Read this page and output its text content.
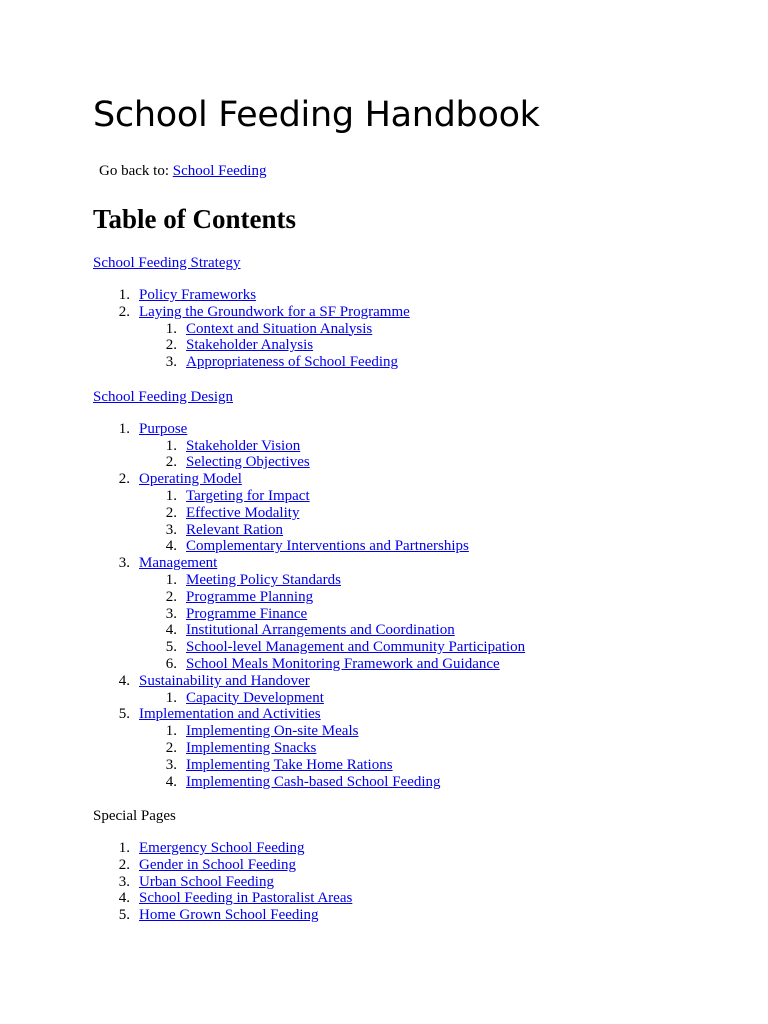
School Feeding Handbook
Go back to: School Feeding
Table of Contents
School Feeding Strategy
1. Policy Frameworks
2. Laying the Groundwork for a SF Programme
1. Context and Situation Analysis
2. Stakeholder Analysis
3. Appropriateness of School Feeding
School Feeding Design
1. Purpose
1. Stakeholder Vision
2. Selecting Objectives
2. Operating Model
1. Targeting for Impact
2. Effective Modality
3. Relevant Ration
4. Complementary Interventions and Partnerships
3. Management
1. Meeting Policy Standards
2. Programme Planning
3. Programme Finance
4. Institutional Arrangements and Coordination
5. School-level Management and Community Participation
6. School Meals Monitoring Framework and Guidance
4. Sustainability and Handover
1. Capacity Development
5. Implementation and Activities
1. Implementing On-site Meals
2. Implementing Snacks
3. Implementing Take Home Rations
4. Implementing Cash-based School Feeding
Special Pages
1. Emergency School Feeding
2. Gender in School Feeding
3. Urban School Feeding
4. School Feeding in Pastoralist Areas
5. Home Grown School Feeding
